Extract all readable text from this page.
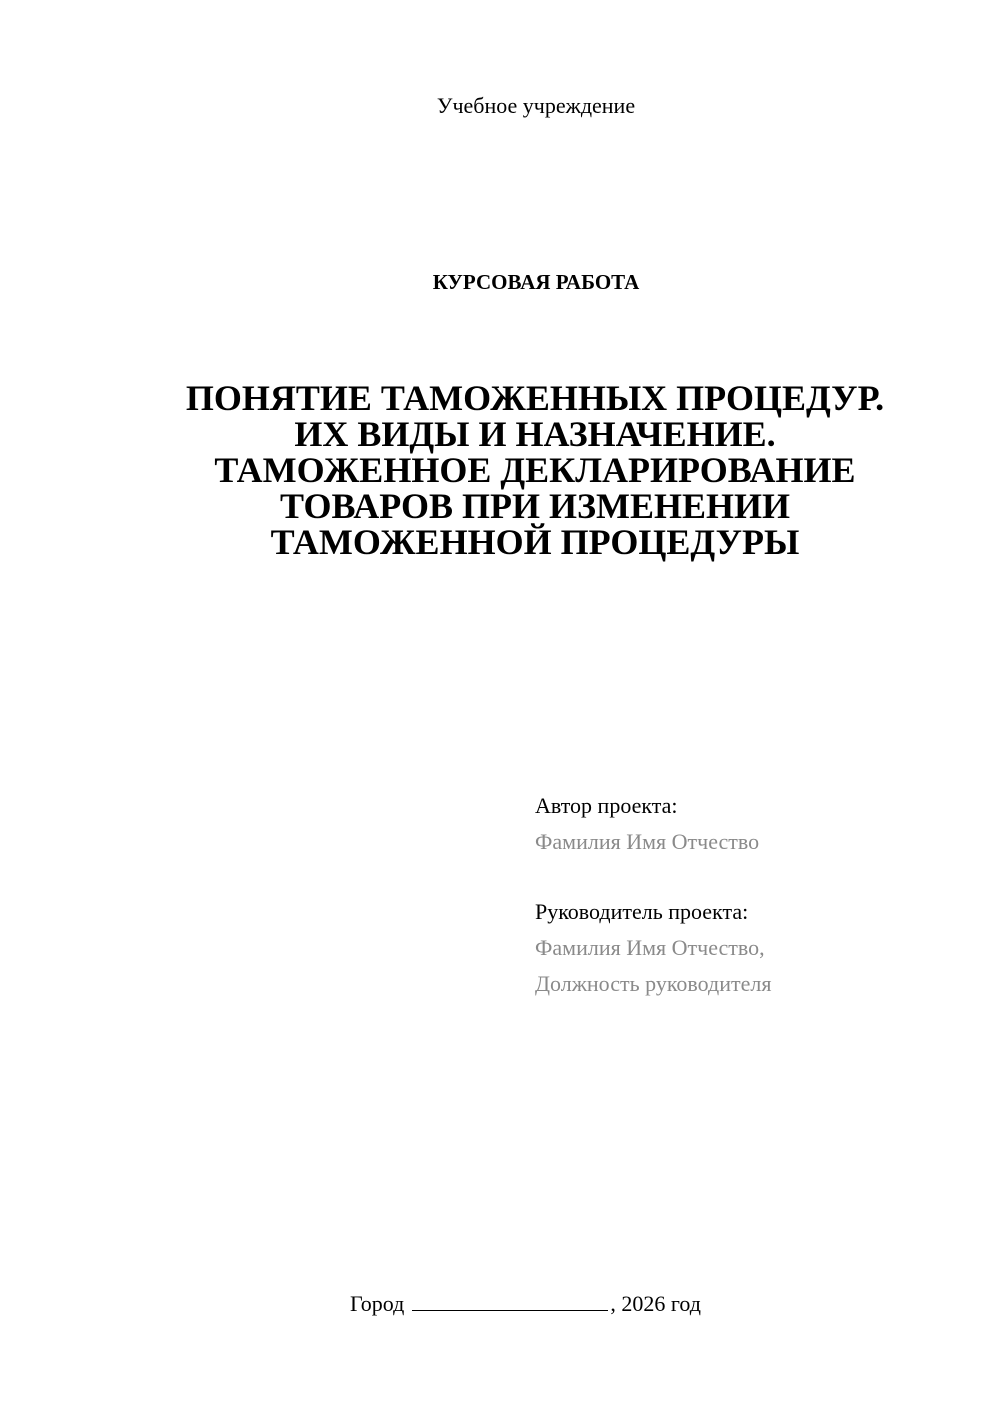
Учебное учреждение
КУРСОВАЯ РАБОТА
ПОНЯТИЕ ТАМОЖЕННЫХ ПРОЦЕДУР.
ИХ ВИДЫ И НАЗНАЧЕНИЕ.
ТАМОЖЕННОЕ ДЕКЛАРИРОВАНИЕ
ТОВАРОВ ПРИ ИЗМЕНЕНИИ
ТАМОЖЕННОЙ ПРОЦЕДУРЫ
Автор проекта:
Фамилия Имя Отчество
Руководитель проекта:
Фамилия Имя Отчество,
Должность руководителя
Город	, 2026 год
